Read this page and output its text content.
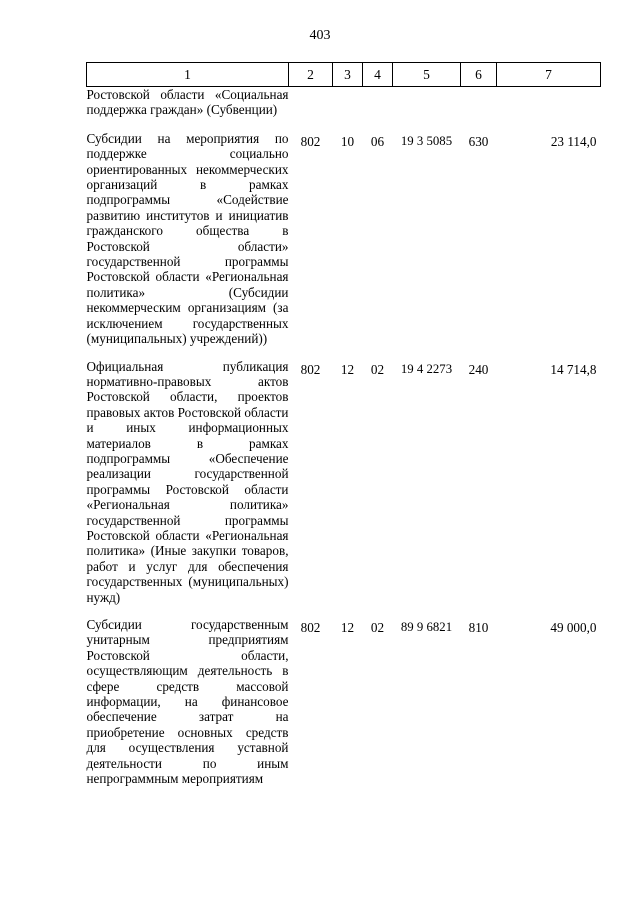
403
1	2	3	4	5	6	7

Ростовской области «Социальная поддержка граждан» (Субвенции)						

Субсидии на мероприятия по поддержке социально ориентированных некоммерческих организаций в рамках подпрограммы «Содействие развитию институтов и инициатив гражданского общества в Ростовской области» государственной программы Ростовской области «Региональная политика» (Субсидии некоммерческим организациям (за исключением государственных (муниципальных) учреждений))	802	10	06	19 3 5085	630	23 114,0

Официальная публикация нормативно-правовых актов Ростовской области, проектов правовых актов Ростовской области и иных информационных материалов в рамках подпрограммы «Обеспечение реализации государственной программы Ростовской области «Региональная политика» государственной программы Ростовской области «Региональная политика» (Иные закупки товаров, работ и услуг для обеспечения государственных (муниципальных) нужд)	802	12	02	19 4 2273	240	14 714,8

Субсидии государственным унитарным предприятиям Ростовской области, осуществляющим деятельность в сфере средств массовой информации, на финансовое обеспечение затрат на приобретение основных средств для осуществления уставной деятельности по иным непрограммным мероприятиям	802	12	02	89 9 6821	810	49 000,0
